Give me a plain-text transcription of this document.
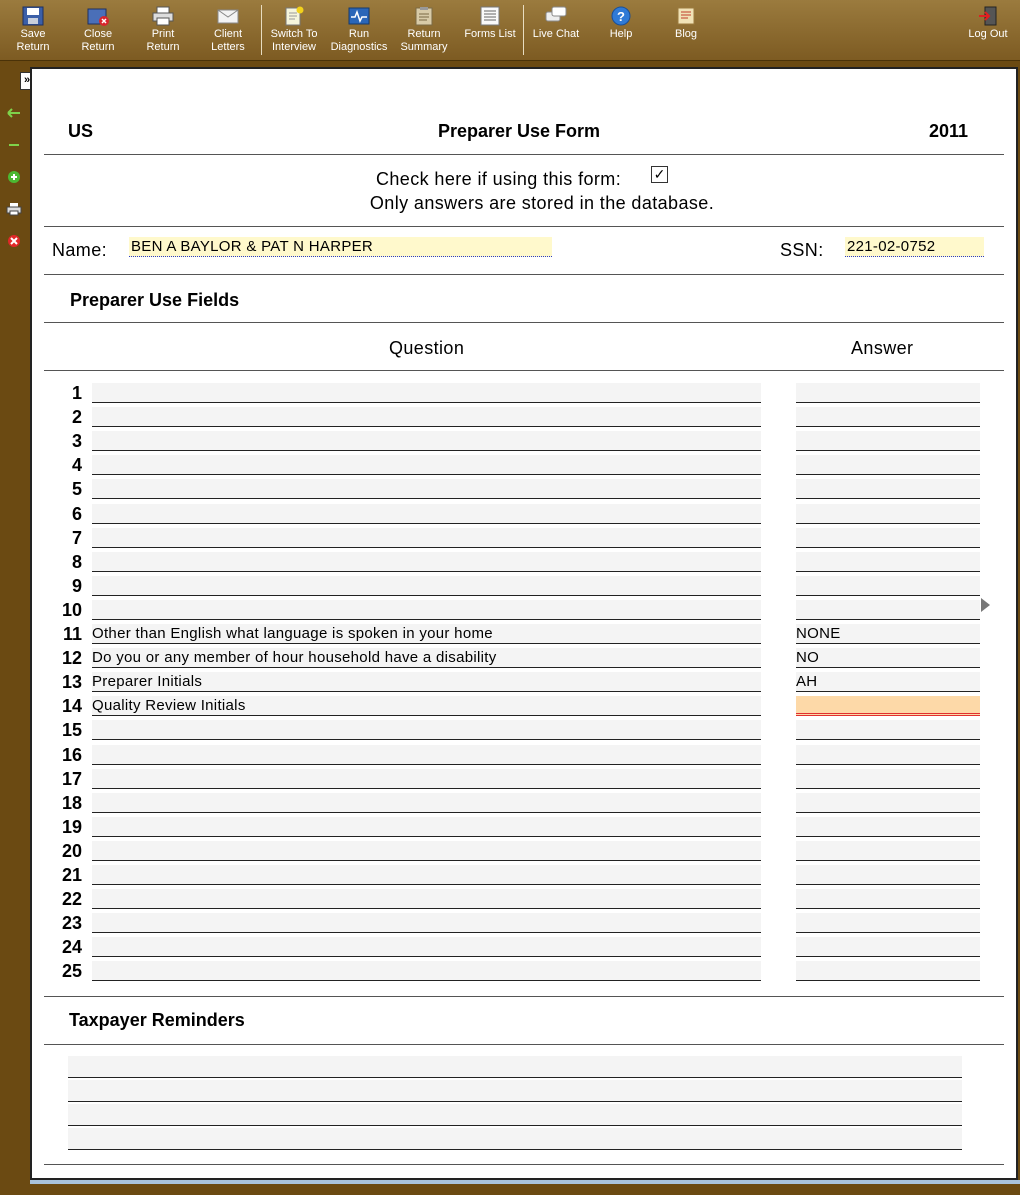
Save
Return
Close
Return
Print
Return
Client
Letters
Switch To
Interview
Run
Diagnostics
Return
Summary
Forms List	Live Chat
?
Help	Blog	Log Out
»
US	Preparer Use Form	2011
Check here if using this form: ✓
Only answers are stored in the database.
Name: BEN A BAYLOR & PAT N HARPER	SSN: 221-02-0752
Preparer Use Fields
Question	Answer
1
2
3
4
5
6
7
8
9
10
11 Other than English what language is spoken in your home	NONE
12 Do you or any member of hour household have a disability	NO
13 Preparer Initials	AH
14 Quality Review Initials
15
16
17
18
19
20
21
22
23
24
25
Taxpayer Reminders
